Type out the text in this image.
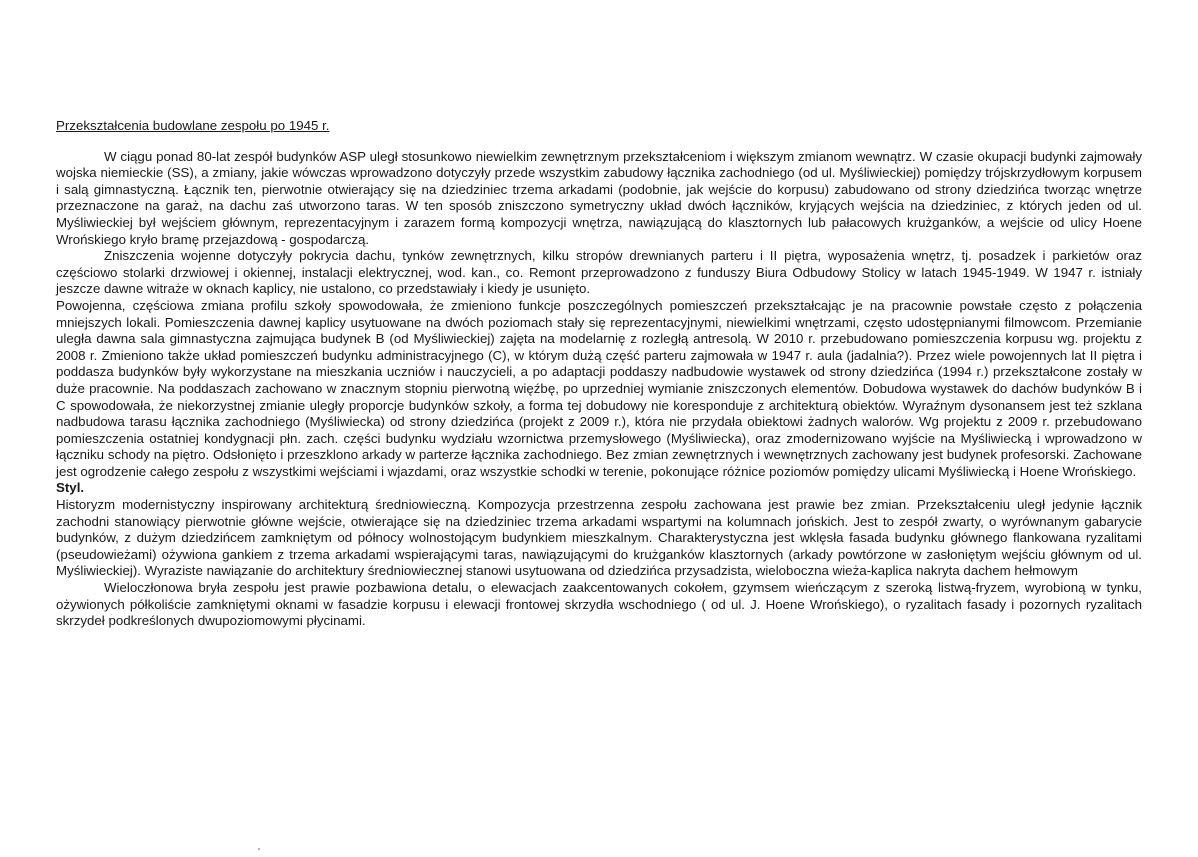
Przekształcenia budowlane zespołu po 1945 r.

W ciągu ponad 80-lat zespół budynków ASP uległ stosunkowo niewielkim zewnętrznym przekształceniom i większym zmianom wewnątrz. W czasie okupacji budynki zajmowały wojska niemieckie (SS), a zmiany, jakie wówczas wprowadzono dotyczyły przede wszystkim zabudowy łącznika zachodniego (od ul. Myśliwieckiej) pomiędzy trójskrzydłowym korpusem i salą gimnastyczną. Łącznik ten, pierwotnie otwierający się na dziedziniec trzema arkadami (podobnie, jak wejście do korpusu) zabudowano od strony dziedzińca tworząc wnętrze przeznaczone na garaż, na dachu zaś utworzono taras. W ten sposób zniszczono symetryczny układ dwóch łączników, kryjących wejścia na dziedziniec, z których jeden od ul. Myśliwieckiej był wejściem głównym, reprezentacyjnym i zarazem formą kompozycji wnętrza, nawiązującą do klasztornych lub pałacowych krużganków, a wejście od ulicy Hoene Wrońskiego kryło bramę przejazdową - gospodarczą.

Zniszczenia wojenne dotyczyły pokrycia dachu, tynków zewnętrznych, kilku stropów drewnianych parteru i II piętra, wyposażenia wnętrz, tj. posadzek i parkietów oraz częściowo stolarki drzwiowej i okiennej, instalacji elektrycznej, wod. kan., co. Remont przeprowadzono z funduszy Biura Odbudowy Stolicy w latach 1945-1949. W 1947 r. istniały jeszcze dawne witraże w oknach kaplicy, nie ustalono, co przedstawiały i kiedy je usunięto.

Powojenna, częściowa zmiana profilu szkoły spowodowała, że zmieniono funkcje poszczególnych pomieszczeń przekształcając je na pracownie powstałe często z połączenia mniejszych lokali. Pomieszczenia dawnej kaplicy usytuowane na dwóch poziomach stały się reprezentacyjnymi, niewielkimi wnętrzami, często udostępnianymi filmowcom. Przemianie uległa dawna sala gimnastyczna zajmująca budynek B (od Myśliwieckiej) zajęta na modelarnię z rozległą antresolą. W 2010 r. przebudowano pomieszczenia korpusu wg. projektu z 2008 r. Zmieniono także układ pomieszczeń budynku administracyjnego (C), w którym dużą część parteru zajmowała w 1947 r. aula (jadalnia?). Przez wiele powojennych lat II piętra i poddasza budynków były wykorzystane na mieszkania uczniów i nauczycieli, a po adaptacji poddaszy nadbudowie wystawek od strony dziedzińca (1994 r.) przekształcone zostały w duże pracownie. Na poddaszach zachowano w znacznym stopniu pierwotną więźbę, po uprzedniej wymianie zniszczonych elementów. Dobudowa wystawek do dachów budynków B i C spowodowała, że niekorzystnej zmianie uległy proporcje budynków szkoły, a forma tej dobudowy nie koresponduje z architekturą obiektów. Wyraźnym dysonansem jest też szklana nadbudowa tarasu łącznika zachodniego (Myśliwiecka) od strony dziedzińca (projekt z 2009 r.), która nie przydała obiektowi żadnych walorów. Wg projektu z 2009 r. przebudowano pomieszczenia ostatniej kondygnacji płn. zach. części budynku wydziału wzornictwa przemysłowego (Myśliwiecka), oraz zmodernizowano wyjście na Myśliwiecką i wprowadzono w łączniku schody na piętro. Odsłonięto i przeszklono arkady w parterze łącznika zachodniego. Bez zmian zewnętrznych i wewnętrznych zachowany jest budynek profesorski. Zachowane jest ogrodzenie całego zespołu z wszystkimi wejściami i wjazdami, oraz wszystkie schodki w terenie, pokonujące różnice poziomów pomiędzy ulicami Myśliwiecką i Hoene Wrońskiego.

Styl.

Historyzm modernistyczny inspirowany architekturą średniowieczną. Kompozycja przestrzenna zespołu zachowana jest prawie bez zmian. Przekształceniu uległ jedynie łącznik zachodni stanowiący pierwotnie główne wejście, otwierające się na dziedziniec trzema arkadami wspartymi na kolumnach jońskich. Jest to zespół zwarty, o wyrównanym gabarycie budynków, z dużym dziedzińcem zamkniętym od północy wolnostojącym budynkiem mieszkalnym. Charakterystyczna jest wklęsła fasada budynku głównego flankowana ryzalitami (pseudowieżami) ożywiona gankiem z trzema arkadami wspierającymi taras, nawiązującymi do krużganków klasztornych (arkady powtórzone w zasłoniętym wejściu głównym od ul. Myśliwieckiej). Wyraziste nawiązanie do architektury średniowiecznej stanowi usytuowana od dziedzińca przysadzista, wieloboczna wieża-kaplica nakryta dachem hełmowym

Wieloczłonowa bryła zespołu jest prawie pozbawiona detalu, o elewacjach zaakcentowanych cokołem, gzymsem wieńczącym z szeroką listwą-fryzem, wyrobioną w tynku, ożywionych półkoliście zamkniętymi oknami w fasadzie korpusu i elewacji frontowej skrzydła wschodniego ( od ul. J. Hoene Wrońskiego), o ryzalitach fasady i pozornych ryzalitach skrzydeł podkreślonych dwupoziomowymi płycinami.
